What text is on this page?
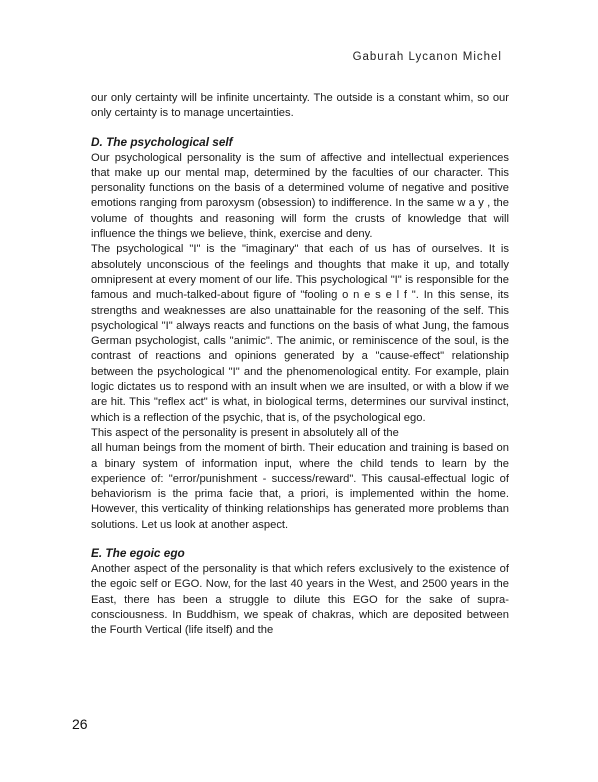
Gaburah Lycanon Michel

our only certainty will be infinite uncertainty. The outside is a constant whim, so our only certainty is to manage uncertainties.

D. The psychological self

Our psychological personality is the sum of affective and intellectual experiences that make up our mental map, determined by the faculties of our character. This personality functions on the basis of a determined volume of negative and positive emotions ranging from paroxysm (obsession) to indifference. In the same w a y , the volume of thoughts and reasoning will form the crusts of knowledge that will influence the things we believe, think, exercise and deny.

The psychological "I" is the "imaginary" that each of us has of ourselves. It is absolutely unconscious of the feelings and thoughts that make it up, and totally omnipresent at every moment of our life. This psychological "I" is responsible for the famous and much-talked-about figure of "fooling o n e s e l f ". In this sense, its strengths and weaknesses are also unattainable for the reasoning of the self. This psychological "I" always reacts and functions on the basis of what Jung, the famous German psychologist, calls "animic". The animic, or reminiscence of the soul, is the contrast of reactions and opinions generated by a "cause-effect" relationship between the psychological "I" and the phenomenological entity. For example, plain logic dictates us to respond with an insult when we are insulted, or with a blow if we are hit. This "reflex act" is what, in biological terms, determines our survival instinct, which is a reflection of the psychic, that is, of the psychological ego.

This aspect of the personality is present in absolutely all of the

all human beings from the moment of birth. Their education and training is based on a binary system of information input, where the child tends to learn by the experience of: "error/punishment - success/reward". This causal-effectual logic of behaviorism is the prima facie that, a priori, is implemented within the home. However, this verticality of thinking relationships has generated more problems than solutions. Let us look at another aspect.

E. The egoic ego

Another aspect of the personality is that which refers exclusively to the existence of the egoic self or EGO. Now, for the last 40 years in the West, and 2500 years in the East, there has been a struggle to dilute this EGO for the sake of supra-consciousness. In Buddhism, we speak of chakras, which are deposited between the Fourth Vertical (life itself) and the

26
